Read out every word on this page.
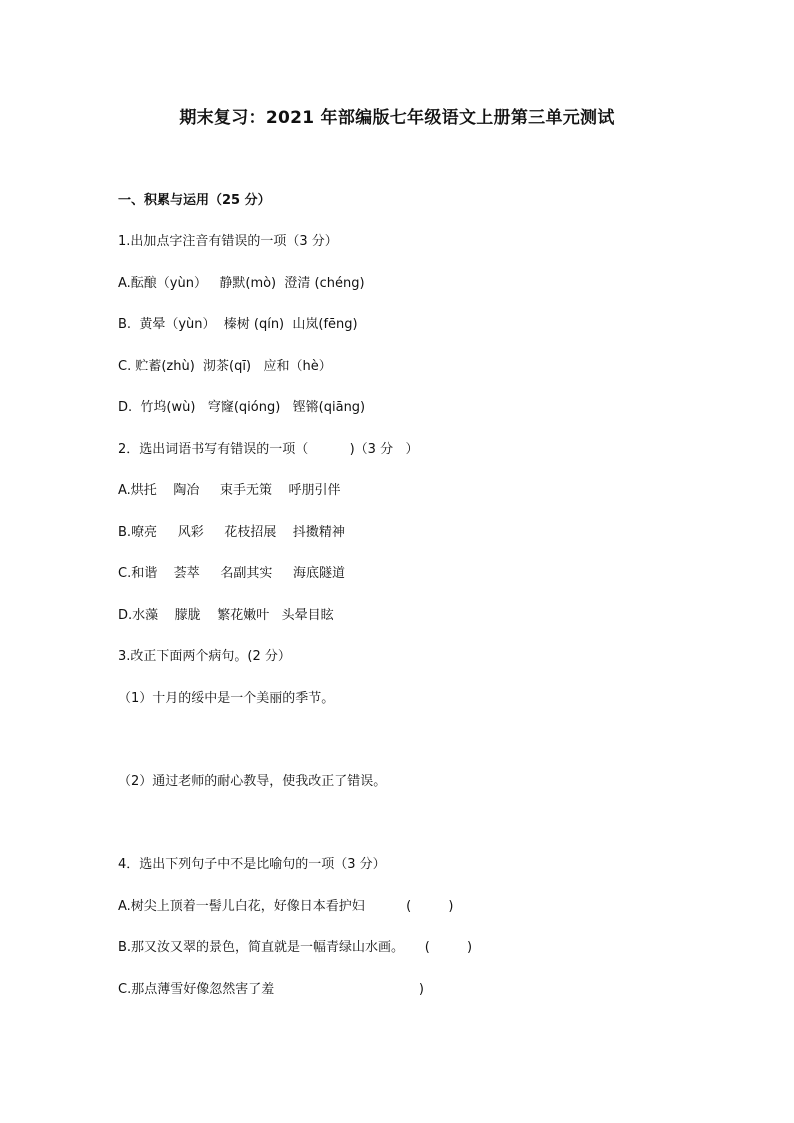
期末复习：2021 年部编版七年级语文上册第三单元测试
一、积累与运用（25 分）
1.出加点字注音有错误的一项（3 分）
A.酝酿（yùn）   静默(mò)  澄清 (chéng)
B.  黄晕（yùn）  榛树 (qín)  山岚(fēng)
C. 贮蓄(zhù)  沏茶(qī)   应和（hè）
D.  竹坞(wù)   穹窿(qióng)   铿锵(qiāng)
2．选出词语书写有错误的一项（          )（3 分   ）
A.烘托    陶冶     束手无策    呼朋引伴
B.嘹亮     风彩     花枝招展    抖擞精神
C.和谐    荟萃     名副其实     海底隧道
D.水藻    朦胧    繁花嫩叶   头晕目眩
3.改正下面两个病句。(2 分）
（1）十月的绥中是一个美丽的季节。
（2）通过老师的耐心教导，使我改正了错误。
4．选出下列句子中不是比喻句的一项（3 分）
A.树尖上顶着一髻儿白花，好像日本看护妇          (         )
B.那又汝又翠的景色，简直就是一幅青绿山水画。     (         )
C.那点薄雪好像忽然害了羞                                   )
